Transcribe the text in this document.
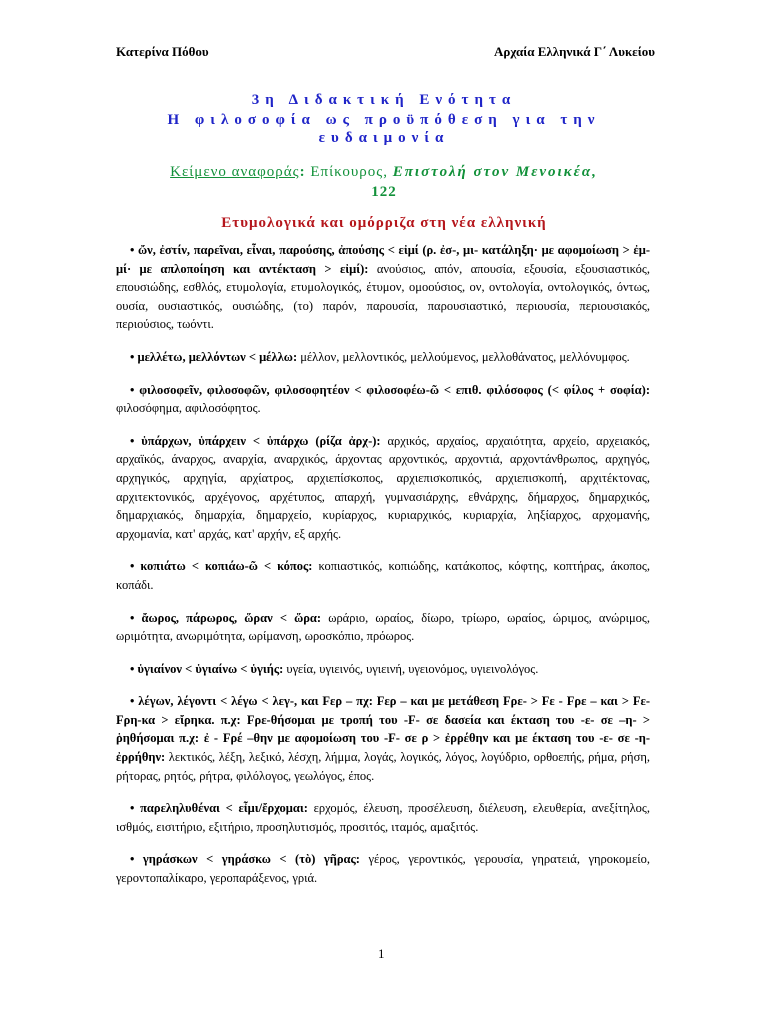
Κατερίνα Πόθου	Αρχαία Ελληνικά Γ΄ Λυκείου
3η Διδακτική Ενότητα
Η φιλοσοφία ως προϋπόθεση για την
ευδαιμονία
Κείμενο αναφοράς: Επίκουρος, Επιστολή στον Μενοικέα,
122
Ετυμολογικά και ομόρριζα στη νέα ελληνική

• ὤν, ἐστίν, παρεῖναι, εἶναι, παρούσης, ἀπούσης < εἰμί (ρ. ἐσ-, μι- κατάληξη· με αφομοίωση > ἐμ-μί· με απλοποίηση και αντέκταση > εἰμί): ανούσιος, απόν, απουσία, εξουσία, εξουσιαστικός, επουσιώδης, εσθλός, ετυμολογία, ετυμολογικός, έτυμον, ομοούσιος, ον, οντολογία, οντολογικός, όντως, ουσία, ουσιαστικός, ουσιώδης, (το) παρόν, παρουσία, παρουσιαστικό, περιουσία, περιουσιακός, περιούσιος, τωόντι.

• μελλέτω, μελλόντων < μέλλω: μέλλον, μελλοντικός, μελλούμενος, μελλοθάνατος, μελλόνυμφος.

• φιλοσοφεῖν, φιλοσοφῶν, φιλοσοφητέον < φιλοσοφέω-ῶ < επιθ. φιλόσοφος (< φίλος + σοφία): φιλοσόφημα, αφιλοσόφητος.

• ὑπάρχων, ὑπάρχειν < ὑπάρχω (ρίζα ἀρχ-): αρχικός, αρχαίος, αρχαιότητα, αρχείο, αρχειακός, αρχαϊκός, άναρχος, αναρχία, αναρχικός, άρχοντας αρχοντικός, αρχοντιά, αρχοντάνθρωπος, αρχηγός, αρχηγικός, αρχηγία, αρχίατρος, αρχιεπίσκοπος, αρχιεπισκοπικός, αρχιεπισκοπή, αρχιτέκτονας, αρχιτεκτονικός, αρχέγονος, αρχέτυπος, απαρχή, γυμνασιάρχης, εθνάρχης, δήμαρχος, δημαρχικός, δημαρχιακός, δημαρχία, δημαρχείο, κυρίαρχος, κυριαρχικός, κυριαρχία, ληξίαρχος, αρχομανής, αρχομανία, κατ' αρχάς, κατ' αρχήν, εξ αρχής.

• κοπιάτω < κοπιάω-ῶ < κόπος: κοπιαστικός, κοπιώδης, κατάκοπος, κόφτης, κοπτήρας, άκοπος, κοπάδι.

• ἄωρος, πάρωρος, ὥραν < ὥρα: ωράριο, ωραίος, δίωρο, τρίωρο, ωραίος, ώριμος, ανώριμος, ωριμότητα, ανωριμότητα, ωρίμανση, ωροσκόπιο, πρόωρος.

• ὑγιαίνον < ὑγιαίνω < ὑγιής: υγεία, υγιεινός, υγιεινή, υγειονόμος, υγιεινολόγος.

• λέγων, λέγοντι < λέγω < λεγ-, και Fερ – πχ: Fερ – και με μετάθεση Fρε- > Fε - Fρε – και > Fε-Fρη-κα > εἴρηκα. π.χ: Fρε-θήσομαι με τροπή του -F- σε δασεία και έκταση του -ε- σε –η- > ῥηθήσομαι π.χ: ἐ - Fρέ –θην με αφομοίωση του -F- σε ρ > ἐρρέθην και με έκταση του -ε- σε -η- ἐρρήθην: λεκτικός, λέξη, λεξικό, λέσχη, λήμμα, λογάς, λογικός, λόγος, λογύδριο, ορθοεπής, ρήμα, ρήση, ρήτορας, ρητός, ρήτρα, φιλόλογος, γεωλόγος, έπος.

• παρεληλυθέναι < εἶμι/ἔρχομαι: ερχομός, έλευση, προσέλευση, διέλευση, ελευθερία, ανεξίτηλος, ισθμός, εισιτήριο, εξιτήριο, προσηλυτισμός, προσιτός, ιταμός, αμαξιτός.

• γηράσκων < γηράσκω < (τὸ) γῆρας: γέρος, γεροντικός, γερουσία, γηρατειά, γηροκομείο, γεροντοπαλίκαρο, γεροπαράξενος, γριά.

1
